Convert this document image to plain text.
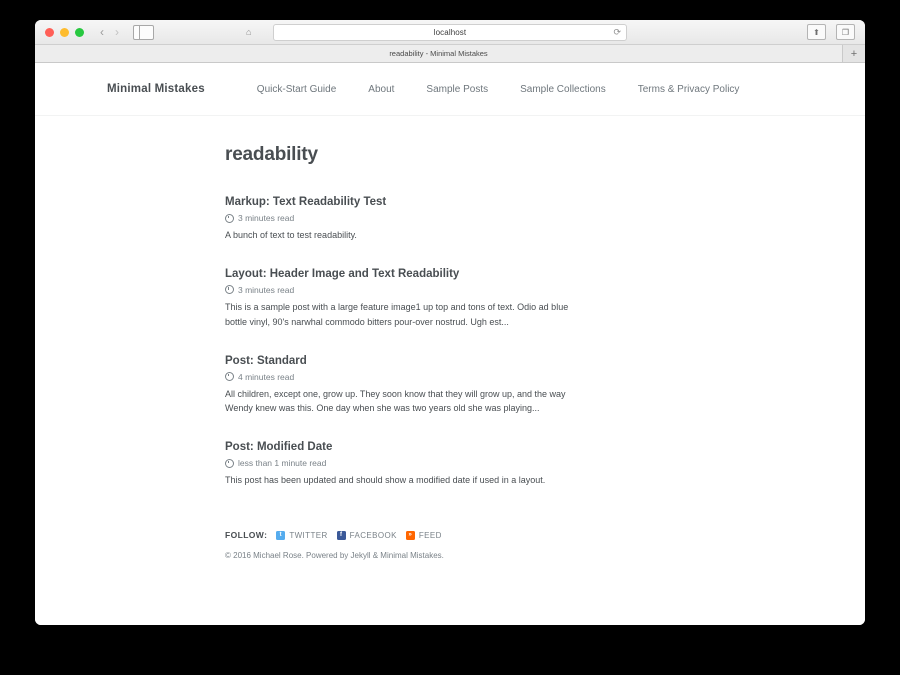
‹ ›	⌂	localhost	⟳	⬆	❐
readability - Minimal Mistakes	+
Minimal Mistakes	Quick-Start Guide	About	Sample Posts	Sample Collections	Terms & Privacy Policy
readability
Markup: Text Readability Test
3 minutes read

A bunch of text to test readability.

Layout: Header Image and Text Readability
3 minutes read

This is a sample post with a large feature image1 up top and tons of text. Odio ad blue bottle vinyl, 90's narwhal commodo bitters pour-over nostrud. Ugh est...

Post: Standard
4 minutes read

All children, except one, grow up. They soon know that they will grow up, and the way Wendy knew was this. One day when she was two years old she was playing...

Post: Modified Date
less than 1 minute read

This post has been updated and should show a modified date if used in a layout.

FOLLOW:	t TWITTER	f FACEBOOK	» FEED
© 2016 Michael Rose. Powered by Jekyll & Minimal Mistakes.
